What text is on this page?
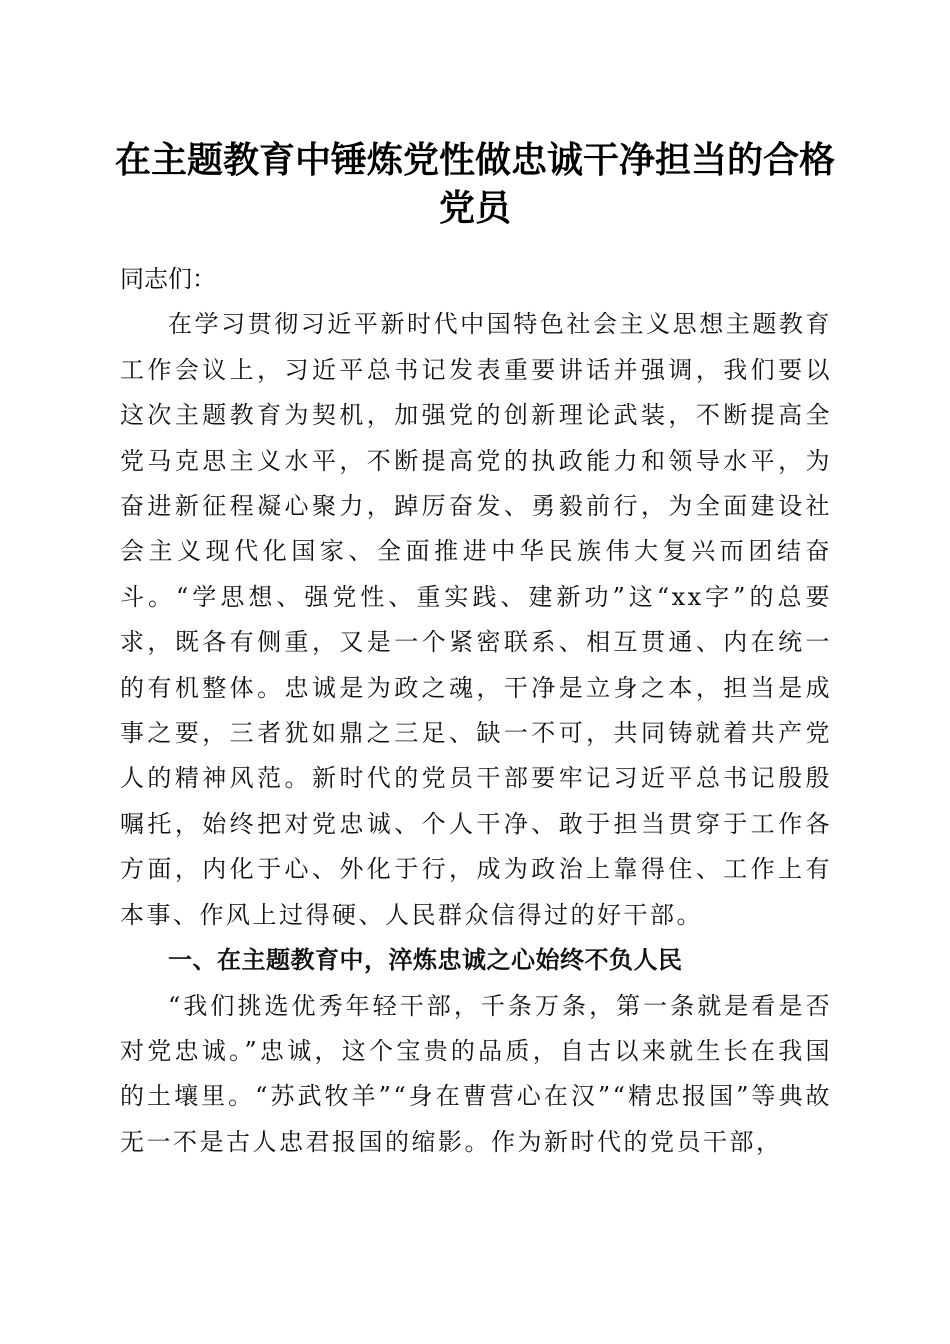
在主题教育中锤炼党性做忠诚干净担当的合格
党员

同志们：

在学习贯彻习近平新时代中国特色社会主义思想主题教育工作会议上，习近平总书记发表重要讲话并强调，我们要以这次主题教育为契机，加强党的创新理论武装，不断提高全党马克思主义水平，不断提高党的执政能力和领导水平，为奋进新征程凝心聚力，踔厉奋发、勇毅前行，为全面建设社会主义现代化国家、全面推进中华民族伟大复兴而团结奋斗。“学思想、强党性、重实践、建新功”这“xx字”的总要求，既各有侧重，又是一个紧密联系、相互贯通、内在统一的有机整体。忠诚是为政之魂，干净是立身之本，担当是成事之要，三者犹如鼎之三足、缺一不可，共同铸就着共产党人的精神风范。新时代的党员干部要牢记习近平总书记殷殷嘱托，始终把对党忠诚、个人干净、敢于担当贯穿于工作各方面，内化于心、外化于行，成为政治上靠得住、工作上有本事、作风上过得硬、人民群众信得过的好干部。

一、在主题教育中，淬炼忠诚之心始终不负人民

“我们挑选优秀年轻干部，千条万条，第一条就是看是否对党忠诚。”忠诚，这个宝贵的品质，自古以来就生长在我国的土壤里。“苏武牧羊”“身在曹营心在汉”“精忠报国”等典故无一不是古人忠君报国的缩影。作为新时代的党员干部，
